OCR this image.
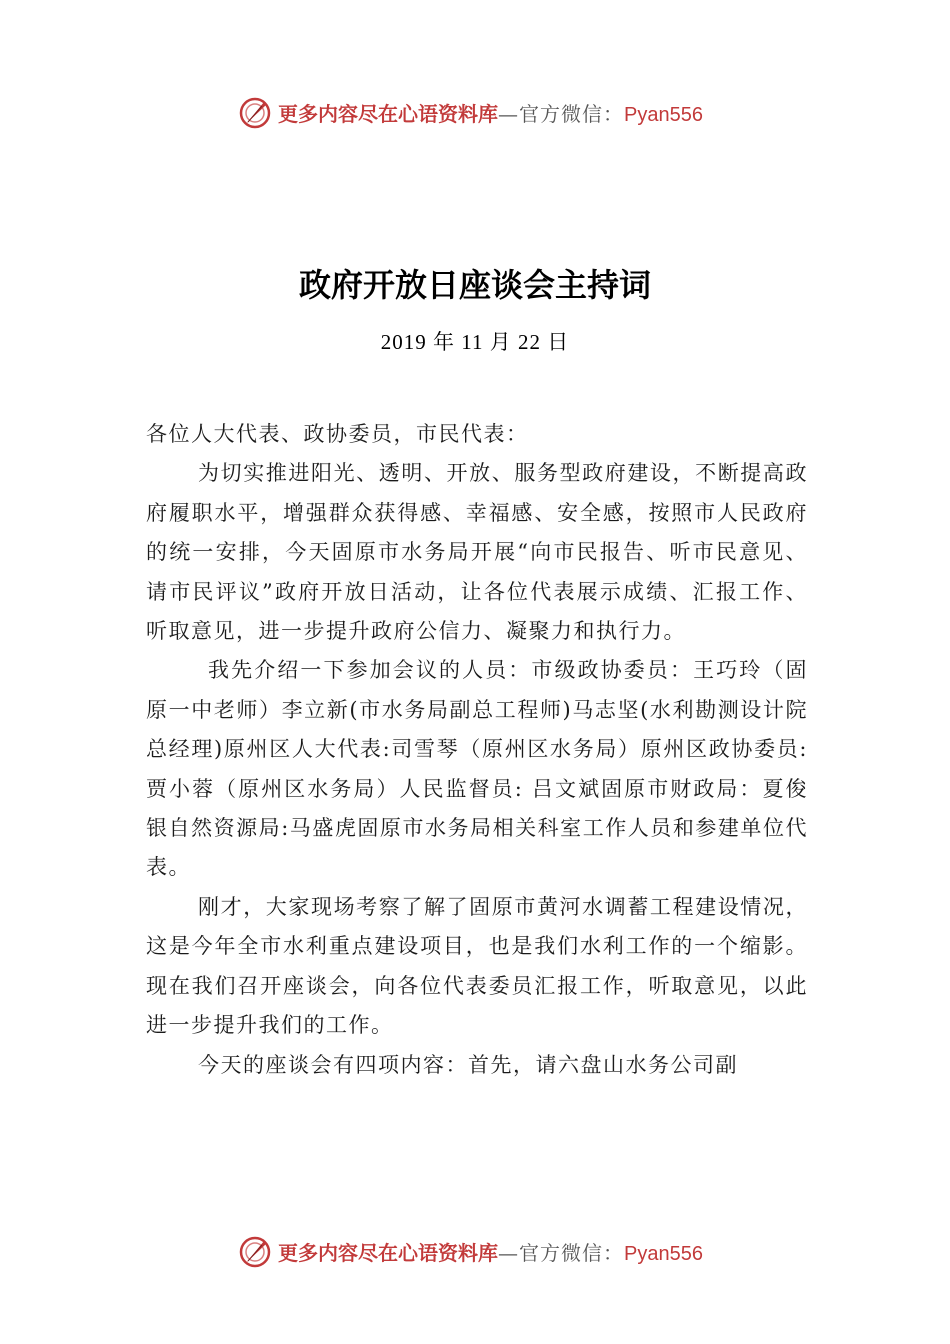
更多内容尽在心语资料库—官方微信：Pyan556
政府开放日座谈会主持词
2019 年 11 月 22 日

各位人大代表、政协委员，市民代表：

为切实推进阳光、透明、开放、服务型政府建设，不断提高政府履职水平，增强群众获得感、幸福感、安全感，按照市人民政府的统一安排，今天固原市水务局开展“向市民报告、听市民意见、请市民评议”政府开放日活动，让各位代表展示成绩、汇报工作、听取意见，进一步提升政府公信力、凝聚力和执行力。

我先介绍一下参加会议的人员：市级政协委员：王巧玲（固原一中老师）李立新(市水务局副总工程师)马志坚(水利勘测设计院总经理)原州区人大代表:司雪琴（原州区水务局）原州区政协委员:贾小蓉（原州区水务局）人民监督员: 吕文斌固原市财政局：夏俊银自然资源局:马盛虎固原市水务局相关科室工作人员和参建单位代表。

刚才，大家现场考察了解了固原市黄河水调蓄工程建设情况，这是今年全市水利重点建设项目，也是我们水利工作的一个缩影。现在我们召开座谈会，向各位代表委员汇报工作，听取意见，以此进一步提升我们的工作。

今天的座谈会有四项内容：首先，请六盘山水务公司副

更多内容尽在心语资料库—官方微信：Pyan556
